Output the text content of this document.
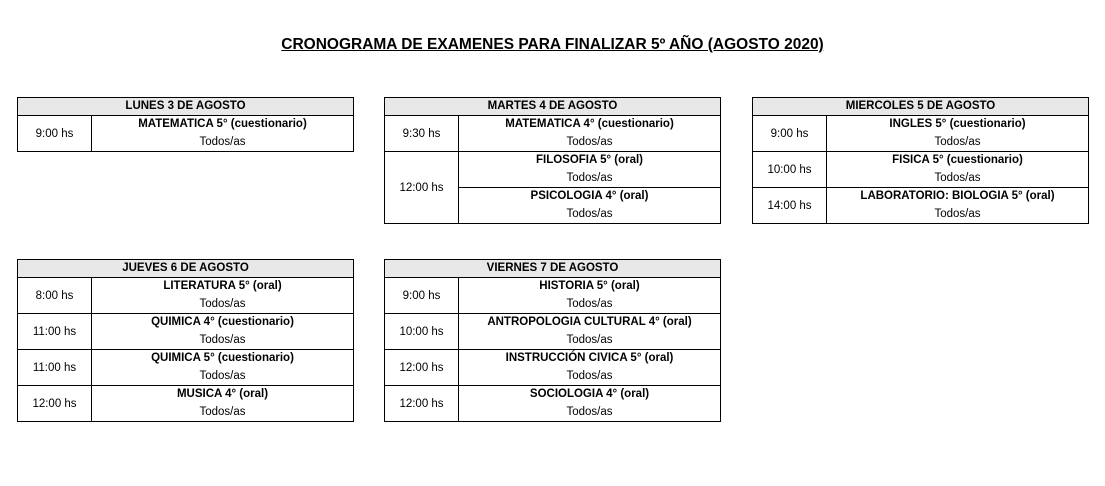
CRONOGRAMA DE EXAMENES PARA FINALIZAR 5º AÑO (AGOSTO 2020)
LUNES 3 DE AGOSTO
9:00 hs
MATEMATICA 5° (cuestionario)
Todos/as
MARTES 4 DE AGOSTO
9:30 hs
MATEMATICA 4° (cuestionario)
Todos/as
12:00 hs
FILOSOFIA 5° (oral)
Todos/as
PSICOLOGIA 4° (oral)
Todos/as
MIERCOLES 5 DE AGOSTO
9:00 hs
INGLES 5° (cuestionario)
Todos/as
10:00 hs
FISICA 5° (cuestionario)
Todos/as
14:00 hs
LABORATORIO: BIOLOGIA 5° (oral)
Todos/as
JUEVES 6 DE AGOSTO
8:00 hs
LITERATURA 5° (oral)
Todos/as
11:00 hs
QUIMICA 4° (cuestionario)
Todos/as
11:00 hs
QUIMICA 5° (cuestionario)
Todos/as
12:00 hs
MUSICA 4° (oral)
Todos/as
VIERNES 7 DE AGOSTO
9:00 hs
HISTORIA 5° (oral)
Todos/as
10:00 hs
ANTROPOLOGIA CULTURAL 4° (oral)
Todos/as
12:00 hs
INSTRUCCIÓN CIVICA 5° (oral)
Todos/as
12:00 hs
SOCIOLOGIA 4° (oral)
Todos/as
